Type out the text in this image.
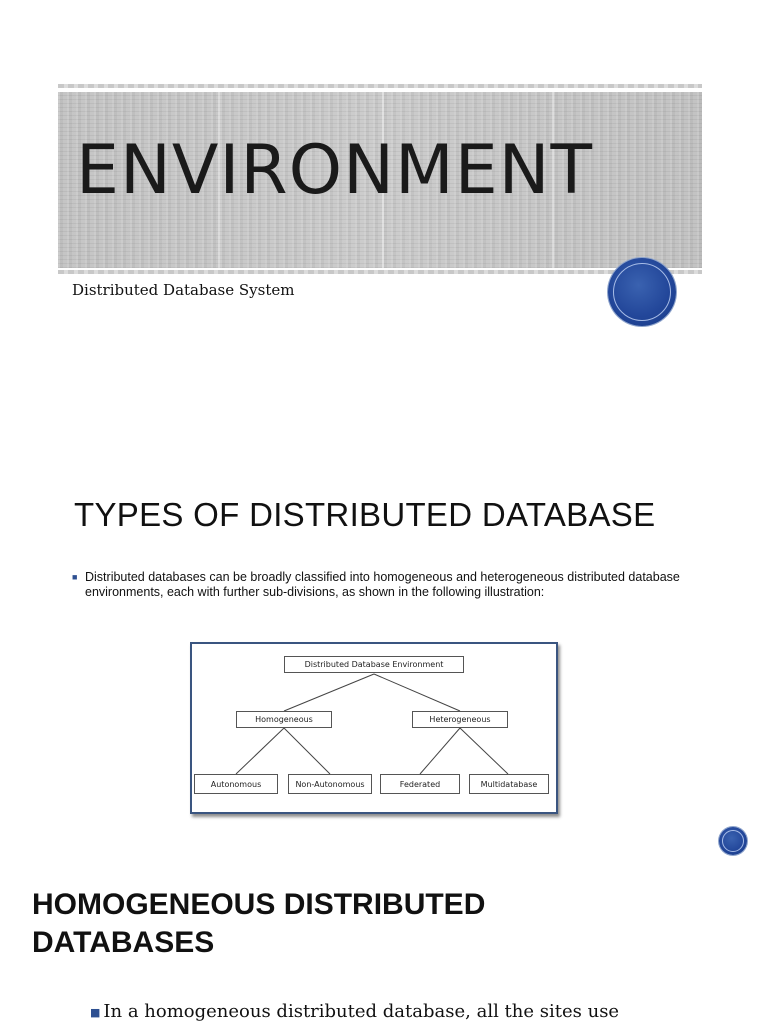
ENVIRONMENT
Distributed Database System
TYPES OF DISTRIBUTED DATABASE
■ Distributed databases can be broadly classified into homogeneous and heterogeneous distributed database environments, each with further sub-divisions, as shown in the following illustration:
Distributed Database Environment
Homogeneous	Heterogeneous
Autonomous	Non-Autonomous	Federated	Multidatabase
HOMOGENEOUS DISTRIBUTED DATABASES
■ In a homogeneous distributed database, all the sites use
